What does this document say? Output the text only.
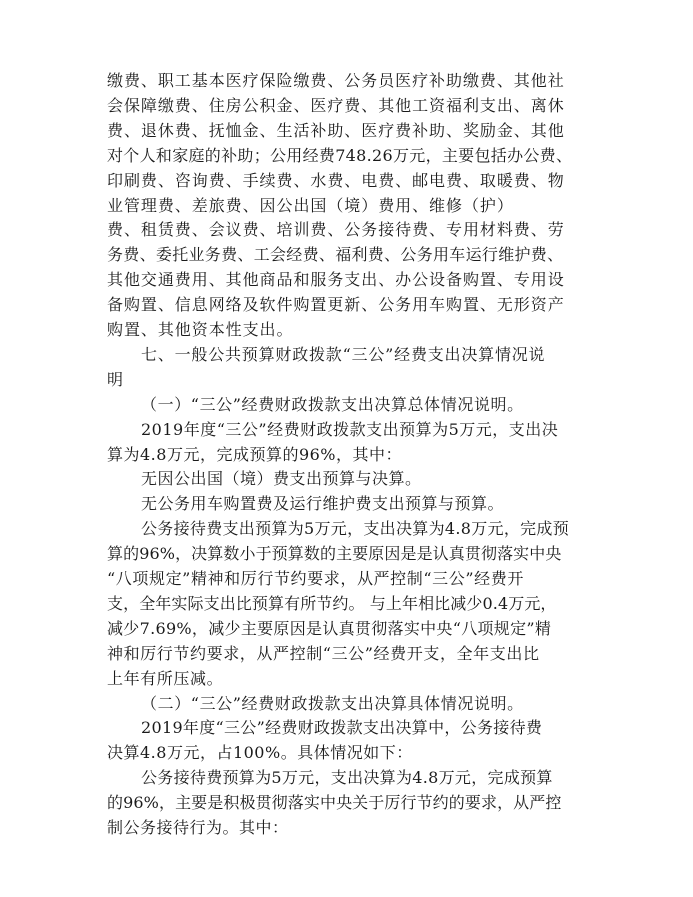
缴费、职工基本医疗保险缴费、公务员医疗补助缴费、其他社
会保障缴费、住房公积金、医疗费、其他工资福利支出、离休
费、退休费、抚恤金、生活补助、医疗费补助、奖励金、其他
对个人和家庭的补助；公用经费748.26万元，主要包括办公费、
印刷费、咨询费、手续费、水费、电费、邮电费、取暖费、物
业管理费、差旅费、因公出国（境）费用、维修（护）
费、租赁费、会议费、培训费、公务接待费、专用材料费、劳
务费、委托业务费、工会经费、福利费、公务用车运行维护费、
其他交通费用、其他商品和服务支出、办公设备购置、专用设
备购置、信息网络及软件购置更新、公务用车购置、无形资产
购置、其他资本性支出。
七、一般公共预算财政拨款“三公”经费支出决算情况说
明
（一）“三公”经费财政拨款支出决算总体情况说明。
2019年度“三公”经费财政拨款支出预算为5万元，支出决
算为4.8万元，完成预算的96%，其中：
无因公出国（境）费支出预算与决算。
无公务用车购置费及运行维护费支出预算与预算。
公务接待费支出预算为5万元，支出决算为4.8万元，完成预
算的96%，决算数小于预算数的主要原因是是认真贯彻落实中央
“八项规定”精神和厉行节约要求，从严控制“三公”经费开
支，全年实际支出比预算有所节约。 与上年相比减少0.4万元，
减少7.69%，减少主要原因是认真贯彻落实中央“八项规定”精
神和厉行节约要求，从严控制“三公”经费开支，全年支出比
上年有所压减。
（二）“三公”经费财政拨款支出决算具体情况说明。
2019年度“三公”经费财政拨款支出决算中，公务接待费
决算4.8万元，占100%。具体情况如下：
公务接待费预算为5万元，支出决算为4.8万元，完成预算
的96%，主要是积极贯彻落实中央关于厉行节约的要求，从严控
制公务接待行为。其中：
